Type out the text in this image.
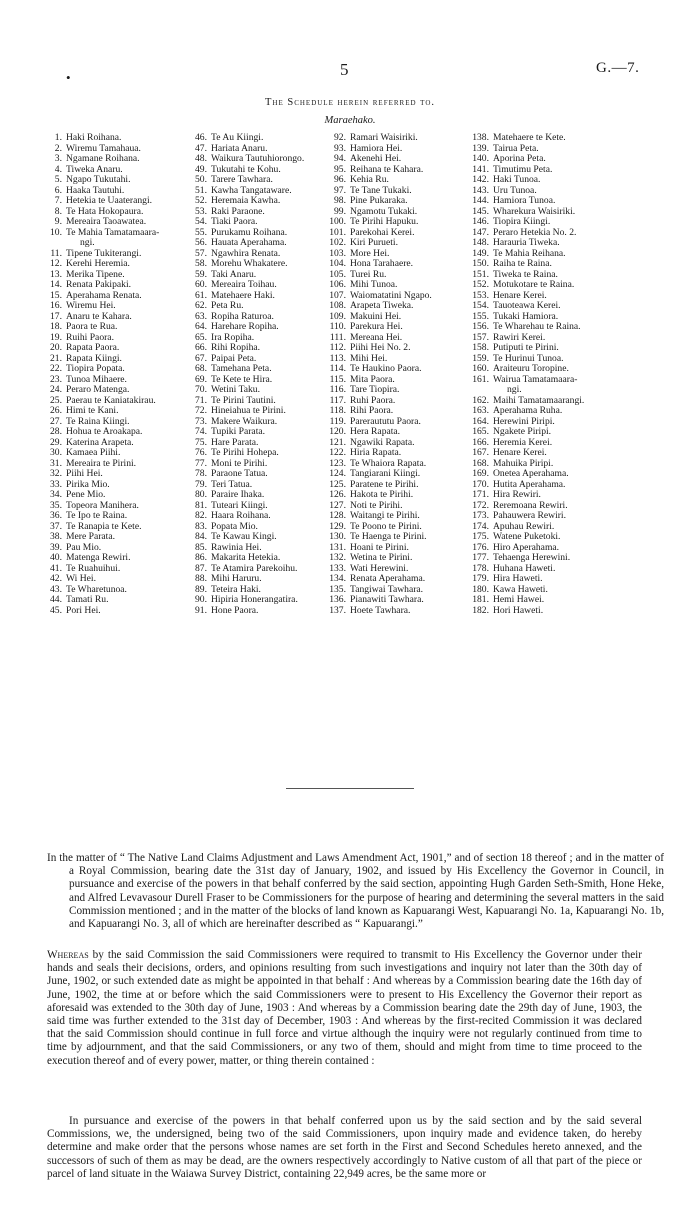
•	5	G.—7.
The Schedule herein referred to.
Maraehako.
1. Haki Roihana.
2. Wiremu Tamahaua.
3. Ngamane Roihana.
4. Tiweka Anaru.
5. Ngapo Tukutahi.
6. Haaka Tautuhi.
7. Hetekia te Uaaterangi.
8. Te Hata Hokopaura.
9. Mereaira Taoawatea.
10. Te Mahia Tamatamaara-
ngi.
11. Tipene Tukiterangi.
12. Kerehi Heremia.
13. Merika Tipene.
14. Renata Pakipaki.
15. Aperahama Renata.
16. Wiremu Hei.
17. Anaru te Kahara.
18. Paora te Rua.
19. Ruihi Paora.
20. Rapata Paora.
21. Rapata Kiingi.
22. Tiopira Popata.
23. Tunoa Mihaere.
24. Peraro Matenga.
25. Paerau te Kaniatakirau.
26. Himi te Kani.
27. Te Raina Kiingi.
28. Hohua te Aroakapa.
29. Katerina Arapeta.
30. Kamaea Piihi.
31. Mereaira te Pirini.
32. Piihi Hei.
33. Pirika Mio.
34. Pene Mio.
35. Topeora Manihera.
36. Te Ipo te Raina.
37. Te Ranapia te Kete.
38. Mere Parata.
39. Pau Mio.
40. Matenga Rewiri.
41. Te Ruahuihui.
42. Wi Hei.
43. Te Wharetunoa.
44. Tamati Ru.
45. Pori Hei.
46. Te Au Kiingi.
47. Hariata Anaru.
48. Waikura Tautuhiorongo.
49. Tukutahi te Kohu.
50. Tarere Tawhara.
51. Kawha Tangataware.
52. Heremaia Kawha.
53. Raki Paraone.
54. Tiaki Paora.
55. Purukamu Roihana.
56. Hauata Aperahama.
57. Ngawhira Renata.
58. Morehu Whakatere.
59. Taki Anaru.
60. Mereaira Toihau.
61. Matehaere Haki.
62. Peta Ru.
63. Ropiha Raturoa.
64. Harehare Ropiha.
65. Ira Ropiha.
66. Rihi Ropiha.
67. Paipai Peta.
68. Tamehana Peta.
69. Te Kete te Hira.
70. Wetini Taku.
71. Te Pirini Tautini.
72. Hineiahua te Pirini.
73. Makere Waikura.
74. Tupiki Parata.
75. Hare Parata.
76. Te Pirihi Hohepa.
77. Moni te Pirihi.
78. Paraone Tatua.
79. Teri Tatua.
80. Paraire Ihaka.
81. Tuteari Kiingi.
82. Haara Roihana.
83. Popata Mio.
84. Te Kawau Kingi.
85. Rawinia Hei.
86. Makarita Hetekia.
87. Te Atamira Parekoihu.
88. Mihi Haruru.
89. Teteira Haki.
90. Hipiria Honerangatira.
91. Hone Paora.
92. Ramari Waisiriki.
93. Hamiora Hei.
94. Akenehi Hei.
95. Reihana te Kahara.
96. Kehia Ru.
97. Te Tane Tukaki.
98. Pine Pukaraka.
99. Ngamotu Tukaki.
100. Te Pirihi Hapuku.
101. Parekohai Kerei.
102. Kiri Purueti.
103. More Hei.
104. Hona Tarahaere.
105. Turei Ru.
106. Mihi Tunoa.
107. Waiomatatini Ngapo.
108. Arapeta Tiweka.
109. Makuini Hei.
110. Parekura Hei.
111. Mereana Hei.
112. Piihi Hei No. 2.
113. Mihi Hei.
114. Te Haukino Paora.
115. Mita Paora.
116. Tare Tiopira.
117. Ruhi Paora.
118. Rihi Paora.
119. Pareraututu Paora.
120. Hera Rapata.
121. Ngawiki Rapata.
122. Hiria Rapata.
123. Te Whaiora Rapata.
124. Tangiarani Kiingi.
125. Paratene te Pirihi.
126. Hakota te Pirihi.
127. Noti te Pirihi.
128. Waitangi te Pirihi.
129. Te Poono te Pirini.
130. Te Haenga te Pirini.
131. Hoani te Pirini.
132. Wetina te Pirini.
133. Wati Herewini.
134. Renata Aperahama.
135. Tangiwai Tawhara.
136. Pianawiti Tawhara.
137. Hoete Tawhara.
138. Matehaere te Kete.
139. Tairua Peta.
140. Aporina Peta.
141. Timutimu Peta.
142. Haki Tunoa.
143. Uru Tunoa.
144. Hamiora Tunoa.
145. Wharekura Waisiriki.
146. Tiopira Kiingi.
147. Peraro Hetekia No. 2.
148. Harauria Tiweka.
149. Te Mahia Reihana.
150. Raiha te Raina.
151. Tiweka te Raina.
152. Motukotare te Raina.
153. Henare Kerei.
154. Tauoteawa Kerei.
155. Tukaki Hamiora.
156. Te Wharehau te Raina.
157. Rawiri Kerei.
158. Putiputi te Pirini.
159. Te Hurinui Tunoa.
160. Araiteuru Toropine.
161. Wairua Tamatamaara-
ngi.
162. Maihi Tamatamaarangi.
163. Aperahama Ruha.
164. Herewini Piripi.
165. Ngakete Piripi.
166. Heremia Kerei.
167. Henare Kerei.
168. Mahuika Piripi.
169. Onetea Aperahama.
170. Hutita Aperahama.
171. Hira Rewiri.
172. Reremoana Rewiri.
173. Pahauwera Rewiri.
174. Apuhau Rewiri.
175. Watene Puketoki.
176. Hiro Aperahama.
177. Tehaenga Herewini.
178. Huhana Haweti.
179. Hira Haweti.
180. Kawa Haweti.
181. Hemi Hawei.
182. Hori Haweti.
In the matter of “ The Native Land Claims Adjustment and Laws Amendment Act, 1901,” and of section 18 thereof ; and in the matter of a Royal Commission, bearing date the 31st day of January, 1902, and issued by His Excellency the Governor in Council, in pursuance and exercise of the powers in that behalf conferred by the said section, appointing Hugh Garden Seth-Smith, Hone Heke, and Alfred Levavasour Durell Fraser to be Commissioners for the purpose of hearing and determining the several matters in the said Commission mentioned ; and in the matter of the blocks of land known as Kapuarangi West, Kapuarangi No. 1a, Kapuarangi No. 1b, and Kapuarangi No. 3, all of which are hereinafter described as “ Kapuarangi.”
Whereas by the said Commission the said Commissioners were required to transmit to His Excellency the Governor under their hands and seals their decisions, orders, and opinions resulting from such investigations and inquiry not later than the 30th day of June, 1902, or such extended date as might be appointed in that behalf : And whereas by a Commission bearing date the 16th day of June, 1902, the time at or before which the said Commissioners were to present to His Excellency the Governor their report as aforesaid was extended to the 30th day of June, 1903 : And whereas by a Commission bearing date the 29th day of June, 1903, the said time was further extended to the 31st day of December, 1903 : And whereas by the first-recited Commission it was declared that the said Commission should continue in full force and virtue although the inquiry were not regularly continued from time to time by adjournment, and that the said Commissioners, or any two of them, should and might from time to time proceed to the execution thereof and of every power, matter, or thing therein contained :
In pursuance and exercise of the powers in that behalf conferred upon us by the said section and by the said several Commissions, we, the undersigned, being two of the said Commissioners, upon inquiry made and evidence taken, do hereby determine and make order that the persons whose names are set forth in the First and Second Schedules hereto annexed, and the successors of such of them as may be dead, are the owners respectively accordingly to Native custom of all that part of the piece or parcel of land situate in the Waiawa Survey District, containing 22,949 acres, be the same more or
